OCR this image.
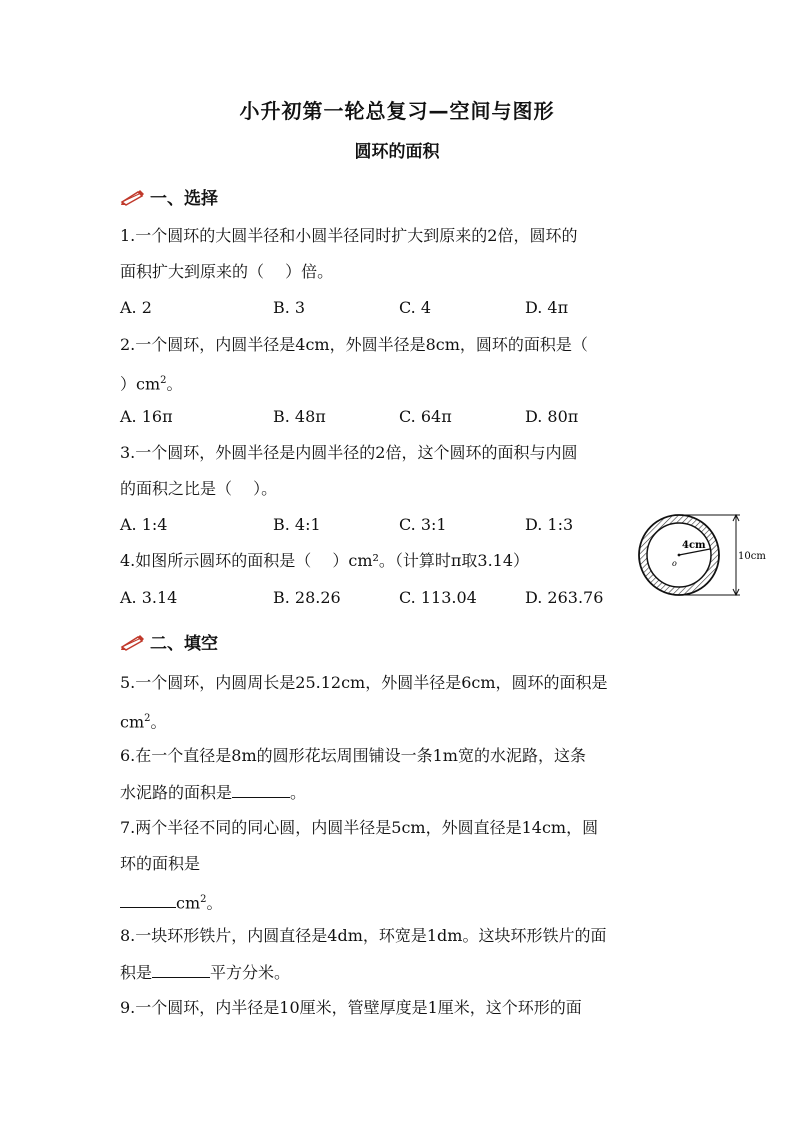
小升初第一轮总复习—空间与图形
圆环的面积
一、选择
1.一个圆环的大圆半径和小圆半径同时扩大到原来的2倍，圆环的
面积扩大到原来的（　 ）倍。
A. 2	B. 3	C. 4	D. 4π
2.一个圆环，内圆半径是4cm，外圆半径是8cm，圆环的面积是（
）$cm^2$。
A. 16π	B. 48π	C. 64π	D. 80π
3.一个圆环，外圆半径是内圆半径的2倍，这个圆环的面积与内圆
的面积之比是（　 ）。
A. 1:4	B. 4:1	C. 3:1	D. 1:3
4.如图所示圆环的面积是（　 ）cm²。（计算时π取3.14）
A. 3.14	B. 28.26	C. 113.04	D. 263.76
4cm
o
10cm
二、填空
5.一个圆环，内圆周长是25.12cm，外圆半径是6cm，圆环的面积是
$cm^2$。
6.在一个直径是8m的圆形花坛周围铺设一条1m宽的水泥路，这条
水泥路的面积是	。
7.两个半径不同的同心圆，内圆半径是5cm，外圆直径是14cm，圆
环的面积是
$cm^2$。
8.一块环形铁片，内圆直径是4dm，环宽是1dm。这块环形铁片的面
积是	平方分米。
9.一个圆环，内半径是10厘米，管壁厚度是1厘米，这个环形的面
